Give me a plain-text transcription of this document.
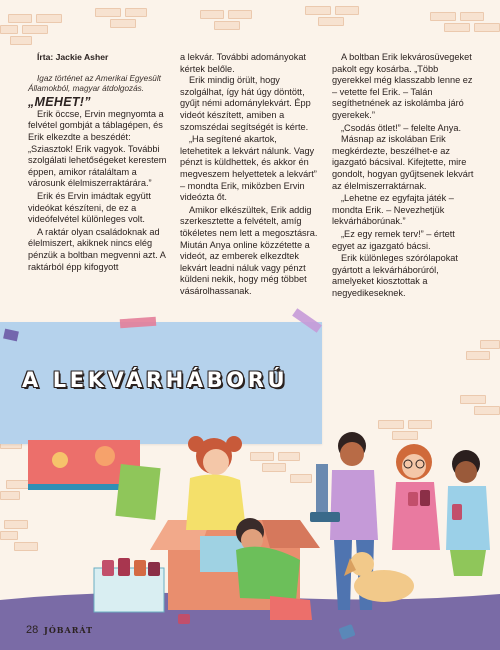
Írta: Jackie Asher

Igaz történet az Amerikai Egyesült Államokból, magyar átdolgozás.

„MEHET!”

Erik öccse, Ervin megnyomta a felvétel gombját a táblagépen, és Erik elkezdte a beszédét: „Sziasztok! Erik vagyok. További szolgálati lehetőségeket kerestem éppen, amikor rátaláltam a városunk élelmiszerraktárára.”

Erik és Ervin imádtak együtt videókat készíteni, de ez a videófelvétel különleges volt.

A raktár olyan családoknak ad élelmiszert, akiknek nincs elég pénzük a boltban megvenni azt. A raktárból épp kifogyott

a lekvár. További adományokat kértek belőle.

Erik mindig örült, hogy szolgálhat, így hát úgy döntött, gyűjt némi adománylekvárt. Épp videót készített, amiben a szomszédai segítségét is kérte.

„Ha segítené akartok, letehetitek a lekvárt nálunk. Vagy pénzt is küldhettek, és akkor én megveszem helyettetek a lekvárt” – mondta Erik, miközben Ervin videózta őt.

Amikor elkészültek, Erik addig szerkesztette a felvételt, amíg tökéletes nem lett a megosztásra. Miután Anya online közzétette a videót, az emberek elkezdtek lekvárt leadni náluk vagy pénzt küldeni nekik, hogy még többet vásárolhassanak.

A boltban Erik lekvárosüvegeket pakolt egy kosárba. „Több gyerekkel még klasszabb lenne ez – vetette fel Erik. – Talán segíthetnének az iskolámba járó gyerekek.”

„Csodás ötlet!” – felelte Anya.

Másnap az iskolában Erik megkérdezte, beszélhet-e az igazgató bácsival. Kifejtette, mire gondolt, hogyan gyűjtsenek lekvárt az élelmiszerraktárnak.

„Lehetne ez egyfajta játék – mondta Erik. – Nevezhetjük lekvárháborúnak.”

„Ez egy remek terv!” – értett egyet az igazgató bácsi.

Erik különleges szórólapokat gyártott a lekvárháborúról, amelyeket kiosztottak a negyedikeseknek.

A LEKVÁRHÁBORÚ
28 JÓBARÁT
